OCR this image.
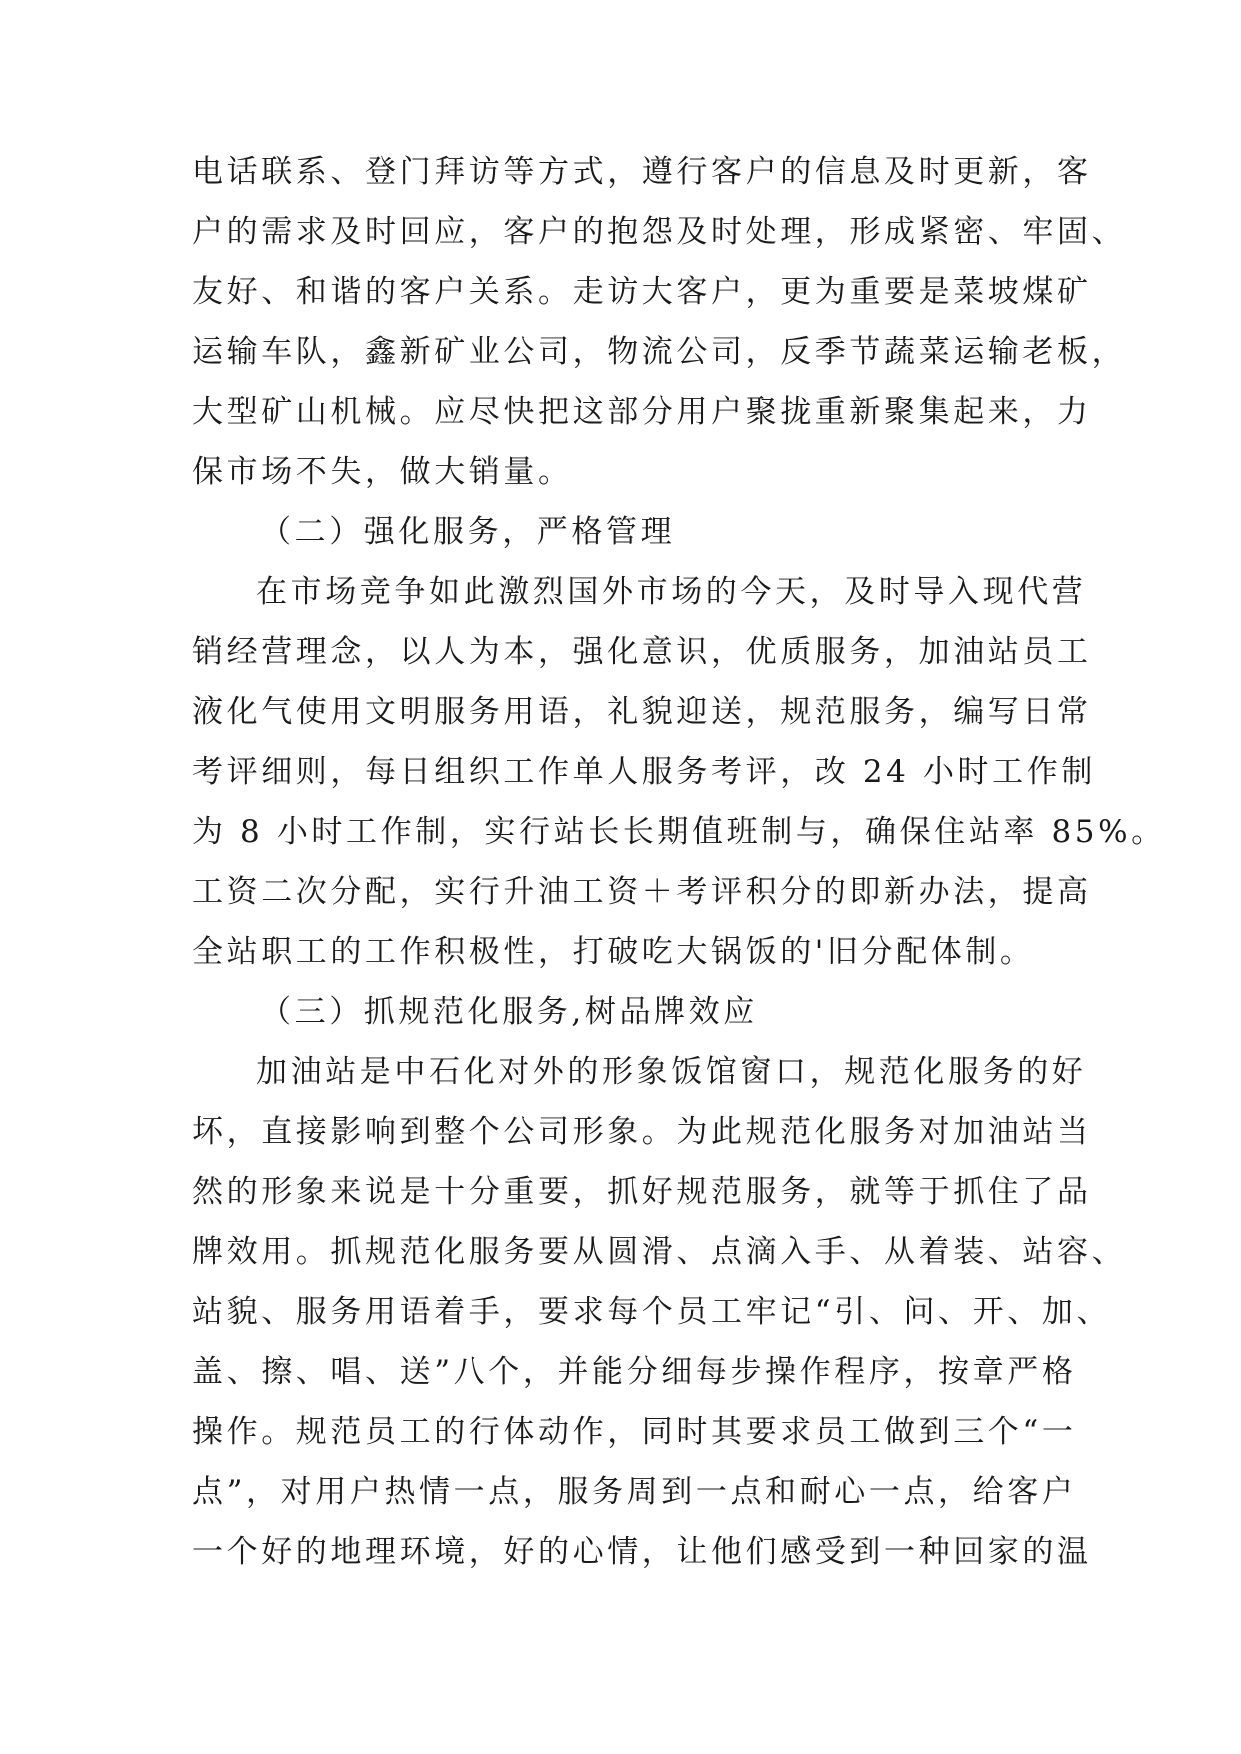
电话联系、登门拜访等方式，遵行客户的信息及时更新，客
户的需求及时回应，客户的抱怨及时处理，形成紧密、牢固、
友好、和谐的客户关系。走访大客户，更为重要是菜坡煤矿
运输车队，鑫新矿业公司，物流公司，反季节蔬菜运输老板，
大型矿山机械。应尽快把这部分用户聚拢重新聚集起来，力
保市场不失，做大销量。
（二）强化服务，严格管理
在市场竞争如此激烈国外市场的今天，及时导入现代营
销经营理念，以人为本，强化意识，优质服务，加油站员工
液化气使用文明服务用语，礼貌迎送，规范服务，编写日常
考评细则，每日组织工作单人服务考评，改 24 小时工作制
为 8 小时工作制，实行站长长期值班制与，确保住站率 85%。
工资二次分配，实行升油工资＋考评积分的即新办法，提高
全站职工的工作积极性，打破吃大锅饭的'旧分配体制。
（三）抓规范化服务,树品牌效应
加油站是中石化对外的形象饭馆窗口，规范化服务的好
坏，直接影响到整个公司形象。为此规范化服务对加油站当
然的形象来说是十分重要，抓好规范服务，就等于抓住了品
牌效用。抓规范化服务要从圆滑、点滴入手、从着装、站容、
站貌、服务用语着手，要求每个员工牢记“引、问、开、加、
盖、擦、唱、送”八个，并能分细每步操作程序，按章严格
操作。规范员工的行体动作，同时其要求员工做到三个“一
点”，对用户热情一点，服务周到一点和耐心一点，给客户
一个好的地理环境，好的心情，让他们感受到一种回家的温
